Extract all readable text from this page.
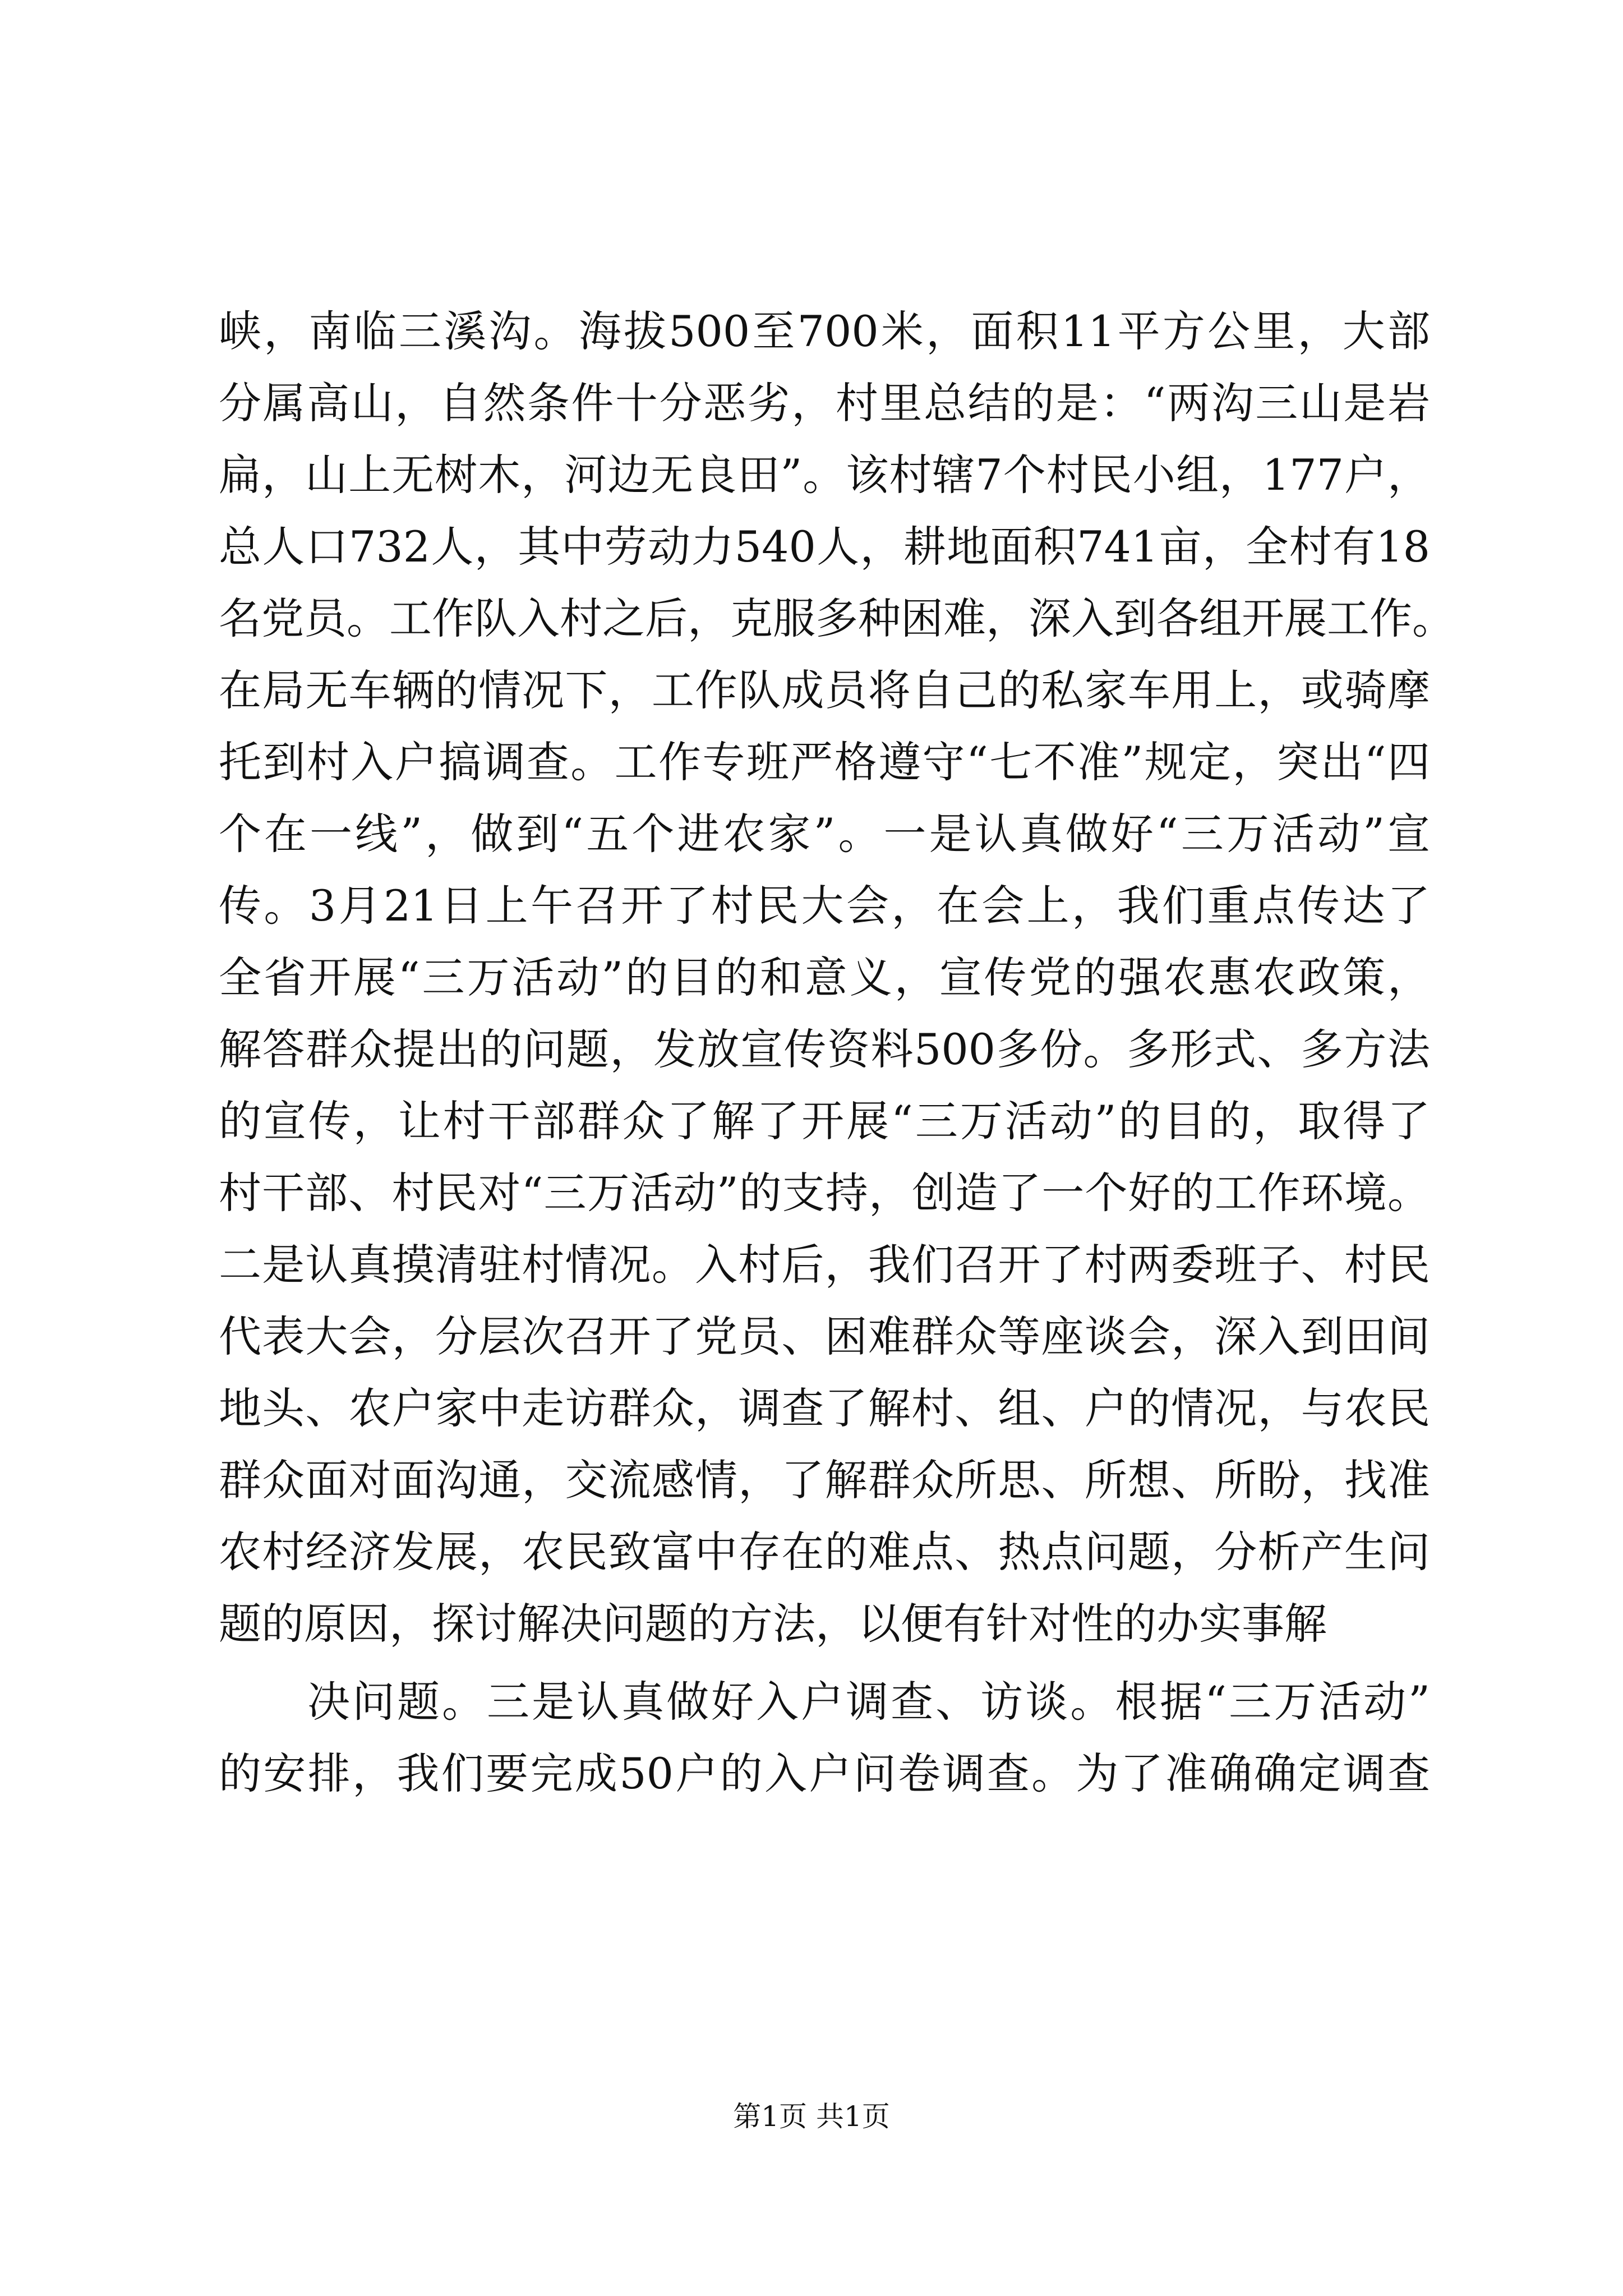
峡，南临三溪沟。海拔500至700米，面积11平方公里，大部
分属高山，自然条件十分恶劣，村里总结的是：“两沟三山是岩
扁，山上无树木，河边无良田”。该村辖7个村民小组，177户，
总人口732人，其中劳动力540人，耕地面积741亩，全村有18
名党员。工作队入村之后，克服多种困难，深入到各组开展工作。
在局无车辆的情况下，工作队成员将自己的私家车用上，或骑摩
托到村入户搞调查。工作专班严格遵守“七不准”规定，突出“四
个在一线”，做到“五个进农家”。一是认真做好“三万活动”宣
传。3月21日上午召开了村民大会，在会上，我们重点传达了
全省开展“三万活动”的目的和意义，宣传党的强农惠农政策，
解答群众提出的问题，发放宣传资料500多份。多形式、多方法
的宣传，让村干部群众了解了开展“三万活动”的目的，取得了
村干部、村民对“三万活动”的支持，创造了一个好的工作环境。
二是认真摸清驻村情况。入村后，我们召开了村两委班子、村民
代表大会，分层次召开了党员、困难群众等座谈会，深入到田间
地头、农户家中走访群众，调查了解村、组、户的情况，与农民
群众面对面沟通，交流感情，了解群众所思、所想、所盼，找准
农村经济发展，农民致富中存在的难点、热点问题，分析产生问
题的原因，探讨解决问题的方法，以便有针对性的办实事解
决问题。三是认真做好入户调查、访谈。根据“三万活动”
的安排，我们要完成50户的入户问卷调查。为了准确确定调查
第1页 共1页
